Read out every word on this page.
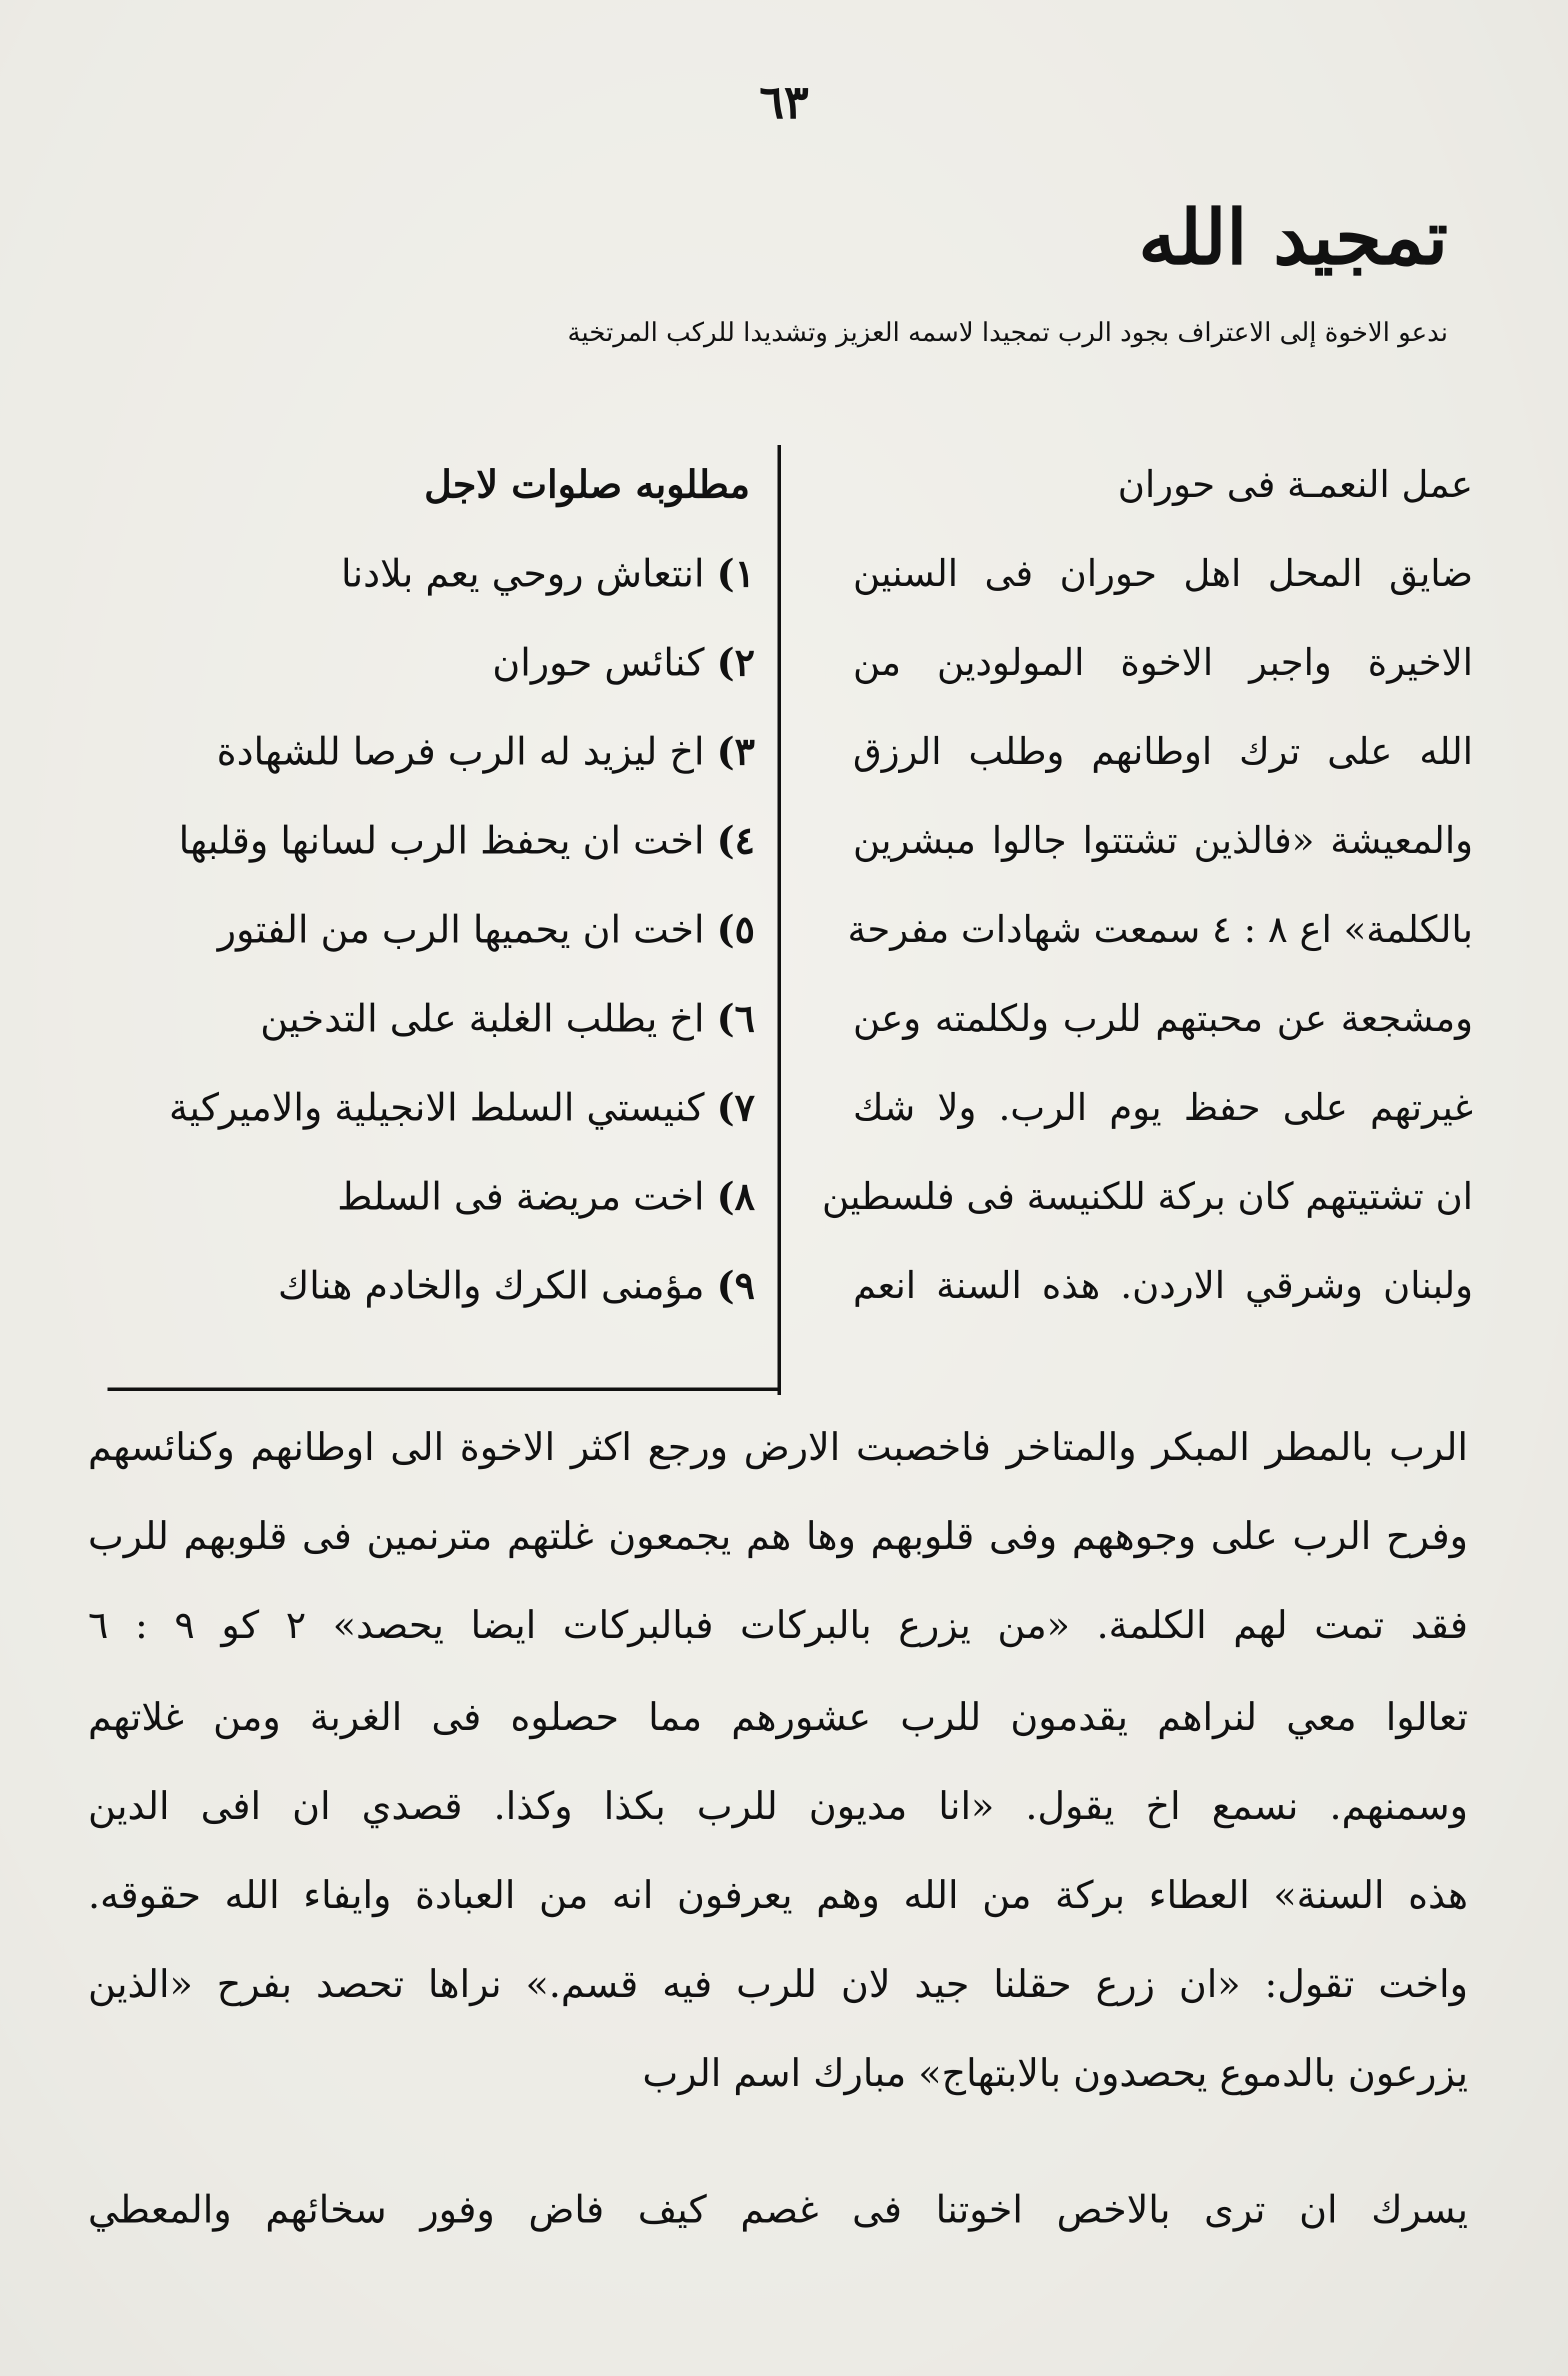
٦٣
تمجيد الله
ندعو الاخوة إلى الاعتراف بجود الرب تمجيدا لاسمه العزيز وتشديدا للركب المرتخية
عمل النعمـة فى حوران
ضايق المحل اهل حوران فى السنين
الاخيرة واجبر الاخوة المولودين من
الله على ترك اوطانهم وطلب الرزق
والمعيشة «فالذين تشتتوا جالوا مبشرين
بالكلمة» اع ٨ : ٤ سمعت شهادات مفرحة
ومشجعة عن محبتهم للرب ولكلمته وعن
غيرتهم على حفظ يوم الرب. ولا شك
ان تشتيتهم كان بركة للكنيسة فى فلسطين
ولبنان وشرقي الاردن. هذه السنة انعم
مطلوبه صلوات لاجل
١) انتعاش روحي يعم بلادنا
٢) كنائس حوران
٣) اخ ليزيد له الرب فرصا للشهادة
٤) اخت ان يحفظ الرب لسانها وقلبها
٥) اخت ان يحميها الرب من الفتور
٦) اخ يطلب الغلبة على التدخين
٧) كنيستي السلط الانجيلية والاميركية
٨) اخت مريضة فى السلط
٩) مؤمنى الكرك والخادم هناك
الرب بالمطر المبكر والمتاخر فاخصبت الارض ورجع اكثر الاخوة الى اوطانهم وكنائسهم
وفرح الرب على وجوههم وفى قلوبهم وها هم يجمعون غلتهم مترنمين فى قلوبهم للرب
فقد تمت لهم الكلمة. «من يزرع بالبركات فبالبركات ايضا يحصد» ٢ كو ٩ : ٦
تعالوا معي لنراهم يقدمون للرب عشورهم مما حصلوه فى الغربة ومن غلاتهم
وسمنهم. نسمع اخ يقول. «انا مديون للرب بكذا وكذا. قصدي ان افى الدين
هذه السنة» العطاء بركة من الله وهم يعرفون انه من العبادة وايفاء الله حقوقه.
واخت تقول: «ان زرع حقلنا جيد لان للرب فيه قسم.» نراها تحصد بفرح «الذين
يزرعون بالدموع يحصدون بالابتهاج» مبارك اسم الرب
يسرك ان ترى بالاخص اخوتنا فى غصم كيف فاض وفور سخائهم والمعطي
